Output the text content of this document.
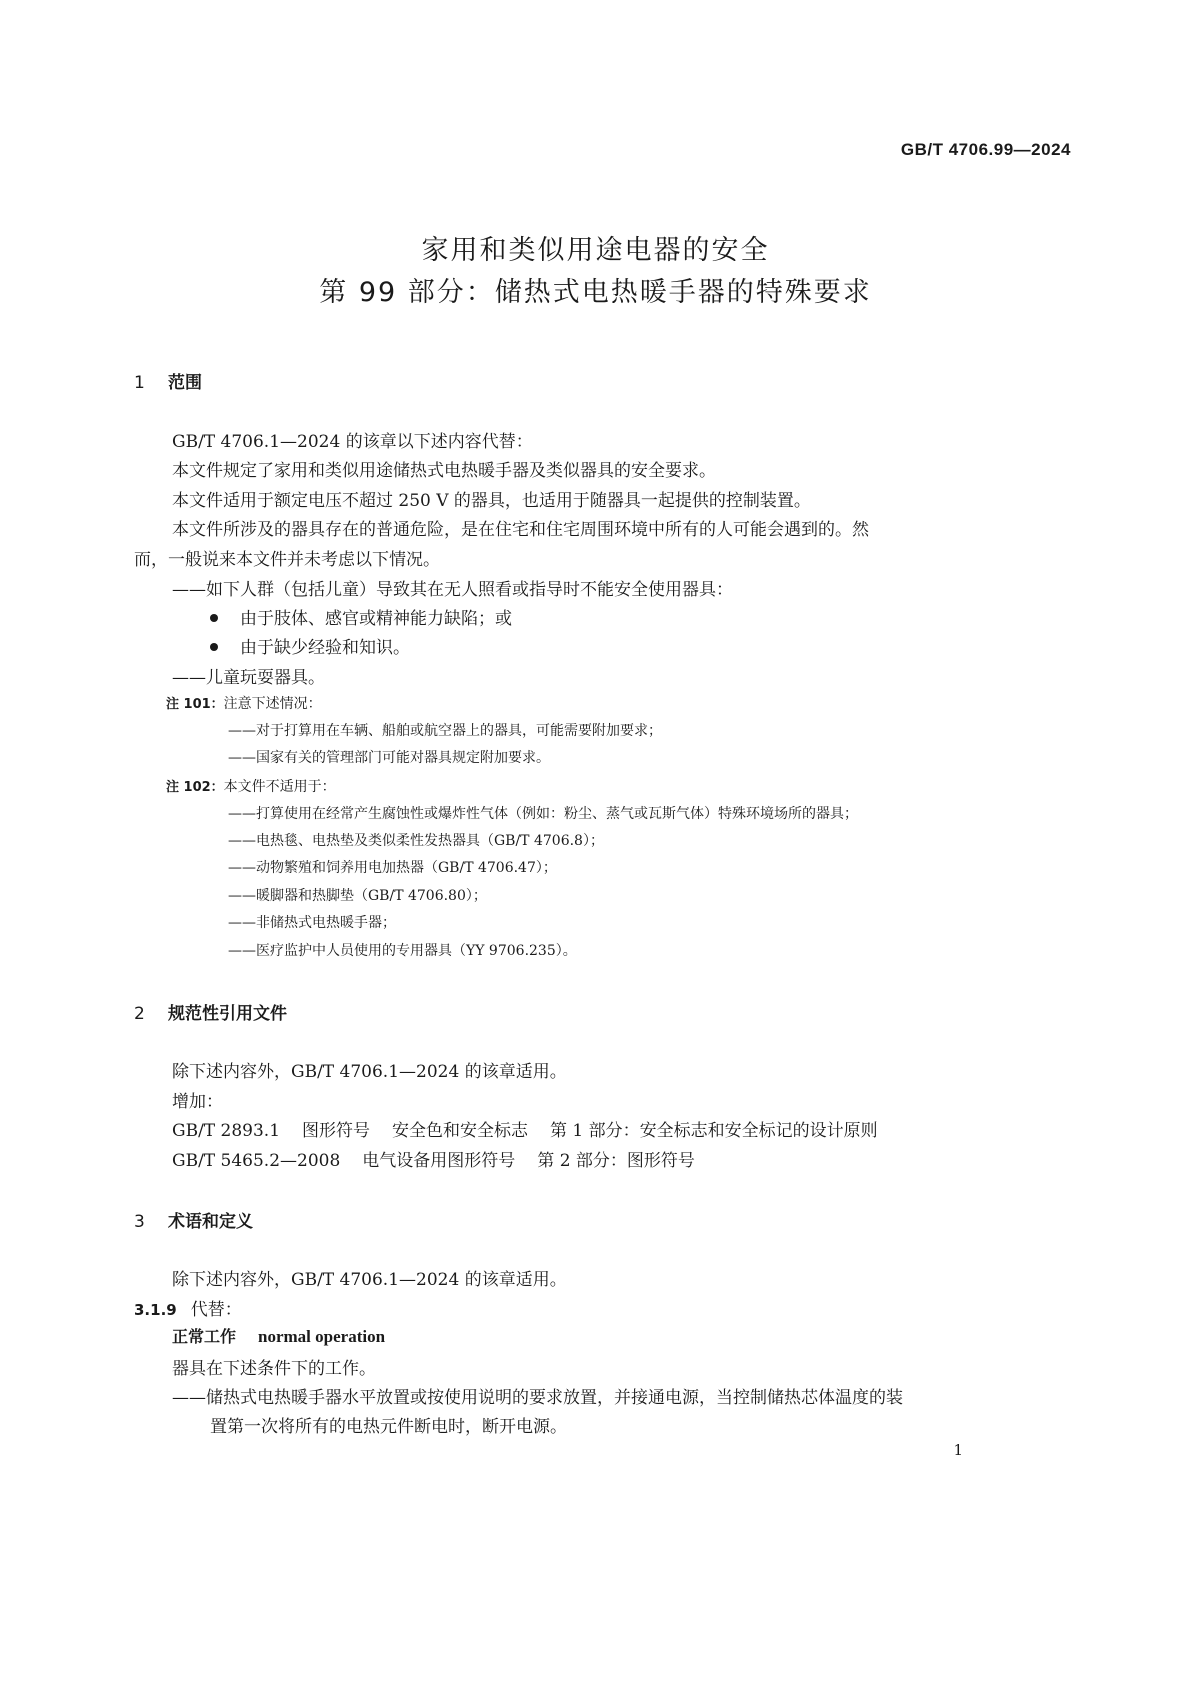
GB/T 4706.99—2024
家用和类似用途电器的安全
第 99 部分：储热式电热暖手器的特殊要求
1 范围
GB/T 4706.1—2024 的该章以下述内容代替：
本文件规定了家用和类似用途储热式电热暖手器及类似器具的安全要求。
本文件适用于额定电压不超过 250 V 的器具，也适用于随器具一起提供的控制装置。
本文件所涉及的器具存在的普通危险，是在住宅和住宅周围环境中所有的人可能会遇到的。然
而，一般说来本文件并未考虑以下情况。
——如下人群（包括儿童）导致其在无人照看或指导时不能安全使用器具：
由于肢体、感官或精神能力缺陷；或
由于缺少经验和知识。
——儿童玩耍器具。
注 101：注意下述情况：
——对于打算用在车辆、船舶或航空器上的器具，可能需要附加要求；
——国家有关的管理部门可能对器具规定附加要求。
注 102：本文件不适用于：
——打算使用在经常产生腐蚀性或爆炸性气体（例如：粉尘、蒸气或瓦斯气体）特殊环境场所的器具；
——电热毯、电热垫及类似柔性发热器具（GB/T 4706.8）；
——动物繁殖和饲养用电加热器（GB/T 4706.47）；
——暖脚器和热脚垫（GB/T 4706.80）；
——非储热式电热暖手器；
——医疗监护中人员使用的专用器具（YY 9706.235）。
2 规范性引用文件
除下述内容外，GB/T 4706.1—2024 的该章适用。
增加：
GB/T 2893.1 图形符号 安全色和安全标志 第 1 部分：安全标志和安全标记的设计原则
GB/T 5465.2—2008 电气设备用图形符号 第 2 部分：图形符号
3 术语和定义
除下述内容外，GB/T 4706.1—2024 的该章适用。
3.1.9 代替：
正常工作 normal operation
器具在下述条件下的工作。
——储热式电热暖手器水平放置或按使用说明的要求放置，并接通电源，当控制储热芯体温度的装
置第一次将所有的电热元件断电时，断开电源。
1
